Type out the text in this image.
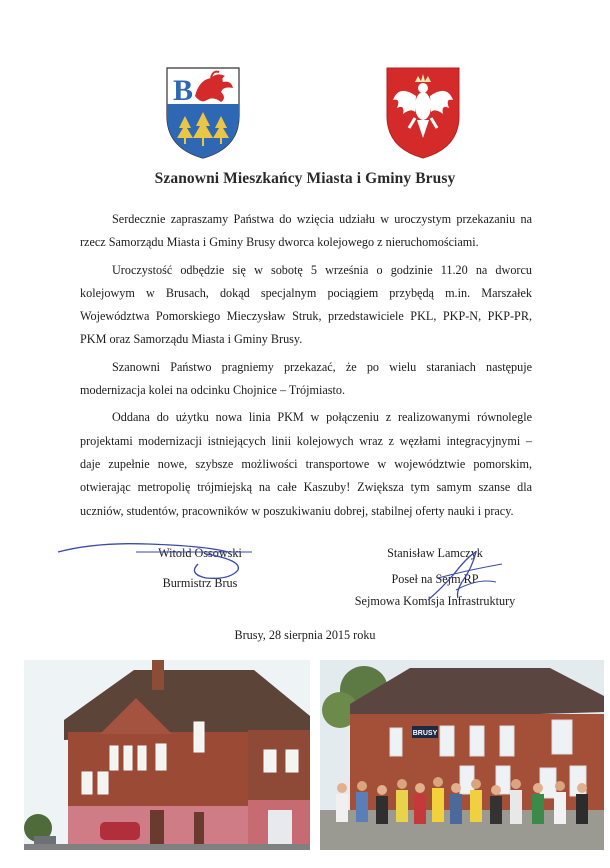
B
Szanowni Mieszkańcy Miasta i Gminy Brusy

Serdecznie zapraszamy Państwa do wzięcia udziału w uroczystym przekazaniu na rzecz Samorządu Miasta i Gminy Brusy dworca kolejowego z nieruchomościami.

Uroczystość odbędzie się w sobotę 5 września o godzinie 11.20 na dworcu kolejowym w Brusach, dokąd specjalnym pociągiem przybędą m.in. Marszałek Województwa Pomorskiego Mieczysław Struk, przedstawiciele PKL, PKP-N, PKP-PR, PKM oraz Samorządu Miasta i Gminy Brusy.

Szanowni Państwo pragniemy przekazać, że po wielu staraniach następuje modernizacja kolei na odcinku Chojnice – Trójmiasto.

Oddana do użytku nowa linia PKM w połączeniu z realizowanymi równolegle projektami modernizacji istniejących linii kolejowych wraz z węzłami integracyjnymi – daje zupełnie nowe, szybsze możliwości transportowe w województwie pomorskim, otwierając metropolię trójmiejską na całe Kaszuby! Zwiększa tym samym szanse dla uczniów, studentów, pracowników w poszukiwaniu dobrej, stabilnej oferty nauki i pracy.

Witold Ossowski
Burmistrz Brus
Stanisław Lamczyk
Poseł na Sejm RP
Sejmowa Komisja Infrastruktury
Brusy, 28 sierpnia 2015 roku
BRUSY
